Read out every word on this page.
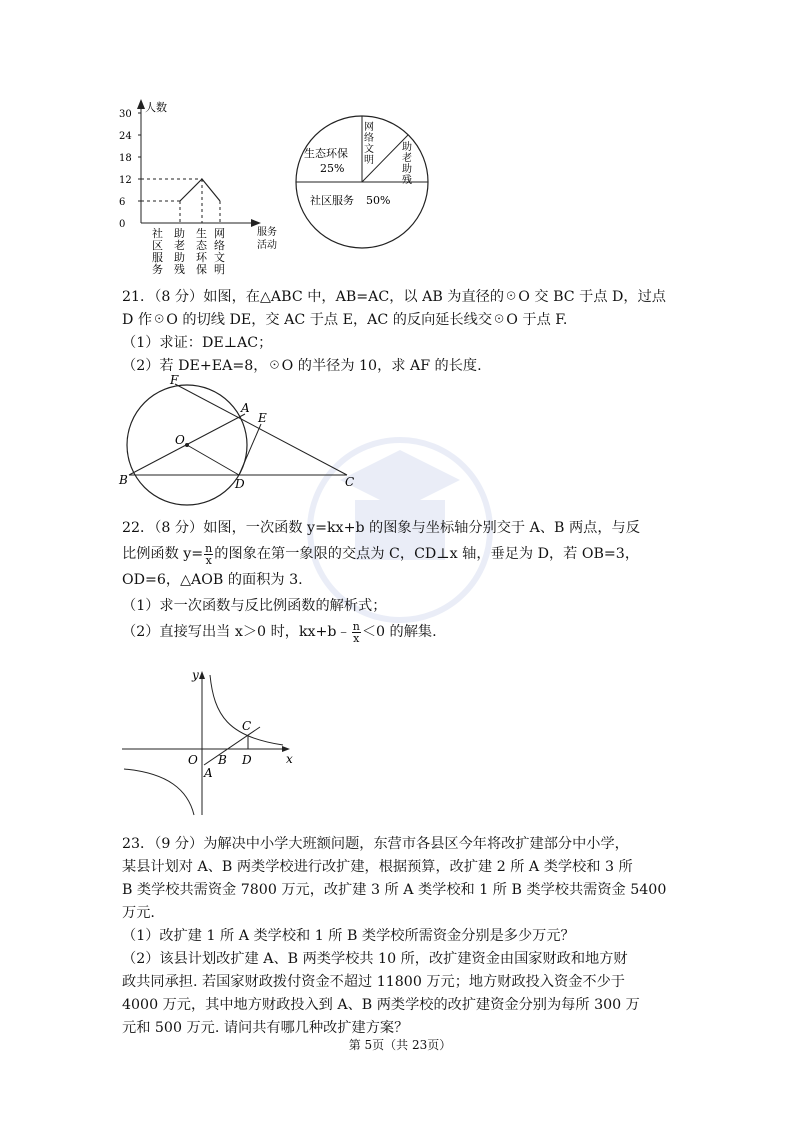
人数
30
24
18
12
6
0
服务
活动
社
区
服
务
助
老
助
残
生
态
环
保
网
络
文
明
生态环保
25%
网络文明
助老助残
社区服务 50%

21．（8 分）如图，在△ABC 中，AB=AC，以 AB 为直径的☉O 交 BC 于点 D，过点

D 作☉O 的切线 DE，交 AC 于点 E，AC 的反向延长线交☉O 于点 F.

（1）求证：DE⊥AC；

（2）若 DE+EA=8，☉O 的半径为 10，求 AF 的长度.

F
A
E
O
B	D	C

22．（8 分）如图，一次函数 y=kx+b 的图象与坐标轴分别交于 A、B 两点，与反

比例函数 $y= \frac{n}{x}$ 的图象在第一象限的交点为 C，CD⊥x 轴，垂足为 D，若 OB=3，

OD=6，△AOB 的面积为 3.

（1）求一次函数与反比例函数的解析式；

（2）直接写出当 x＞0 时，kx+b﹣ $\frac{n}{x} <0$ 的解集.

y
x
O
A
B
C
D

23．（9 分）为解决中小学大班额问题，东营市各县区今年将改扩建部分中小学，

某县计划对 A、B 两类学校进行改扩建，根据预算，改扩建 2 所 A 类学校和 3 所

B 类学校共需资金 7800 万元，改扩建 3 所 A 类学校和 1 所 B 类学校共需资金 5400

万元.

（1）改扩建 1 所 A 类学校和 1 所 B 类学校所需资金分别是多少万元？

（2）该县计划改扩建 A、B 两类学校共 10 所，改扩建资金由国家财政和地方财

政共同承担. 若国家财政拨付资金不超过 11800 万元；地方财政投入资金不少于

4000 万元，其中地方财政投入到 A、B 两类学校的改扩建资金分别为每所 300 万

元和 500 万元. 请问共有哪几种改扩建方案？

第 5页（共 23页）
